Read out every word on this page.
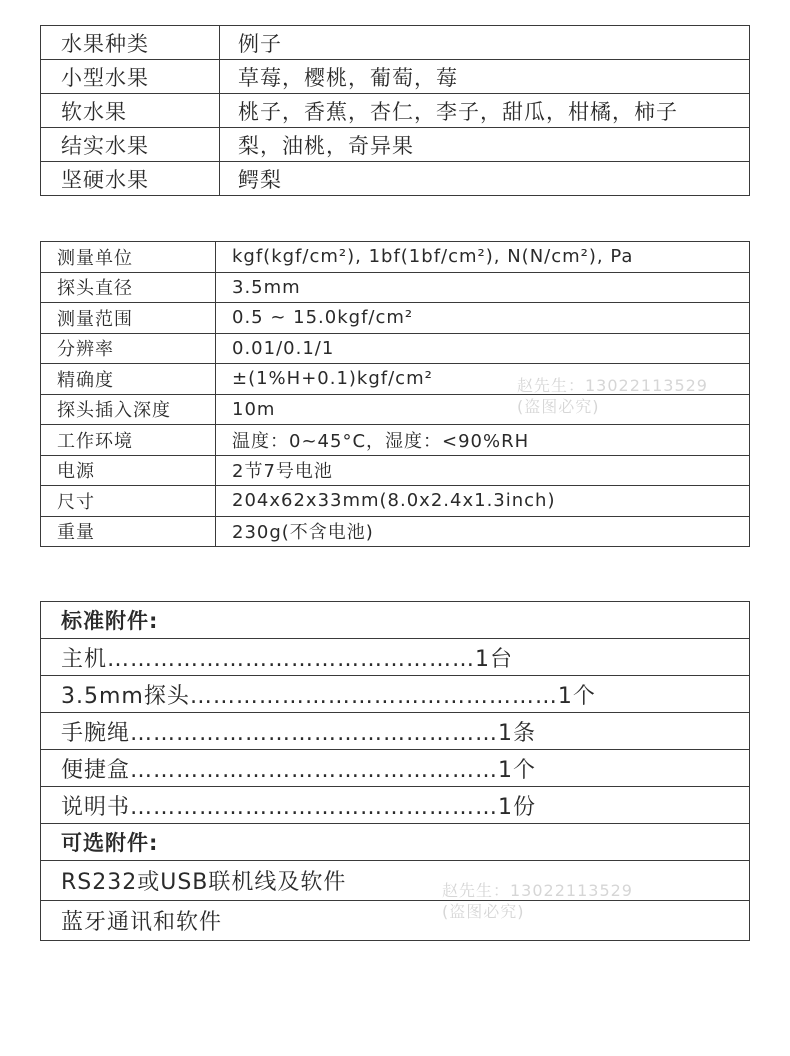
水果种类	例子
小型水果	草莓，樱桃，葡萄，莓
软水果	桃子，香蕉，杏仁，李子，甜瓜，柑橘，柿子
结实水果	梨，油桃，奇异果
坚硬水果	鳄梨
测量单位	kgf(kgf/cm²), 1bf(1bf/cm²), N(N/cm²), Pa
探头直径	3.5mm
测量范围	0.5 ~ 15.0kgf/cm²
分辨率	0.01/0.1/1
精确度	±(1%H+0.1)kgf/cm²
探头插入深度	10m
工作环境	温度：0~45°C，湿度：<90%RH
电源	2节7号电池
尺寸	204x62x33mm(8.0x2.4x1.3inch)
重量	230g(不含电池)
标准附件:
主机…………………………………………1台
3.5mm探头…………………………………………1个
手腕绳…………………………………………1条
便捷盒…………………………………………1个
说明书…………………………………………1份
可选附件:
RS232或USB联机线及软件
蓝牙通讯和软件
赵先生：13022113529
(盗图必究)
赵先生：13022113529
(盗图必究)
